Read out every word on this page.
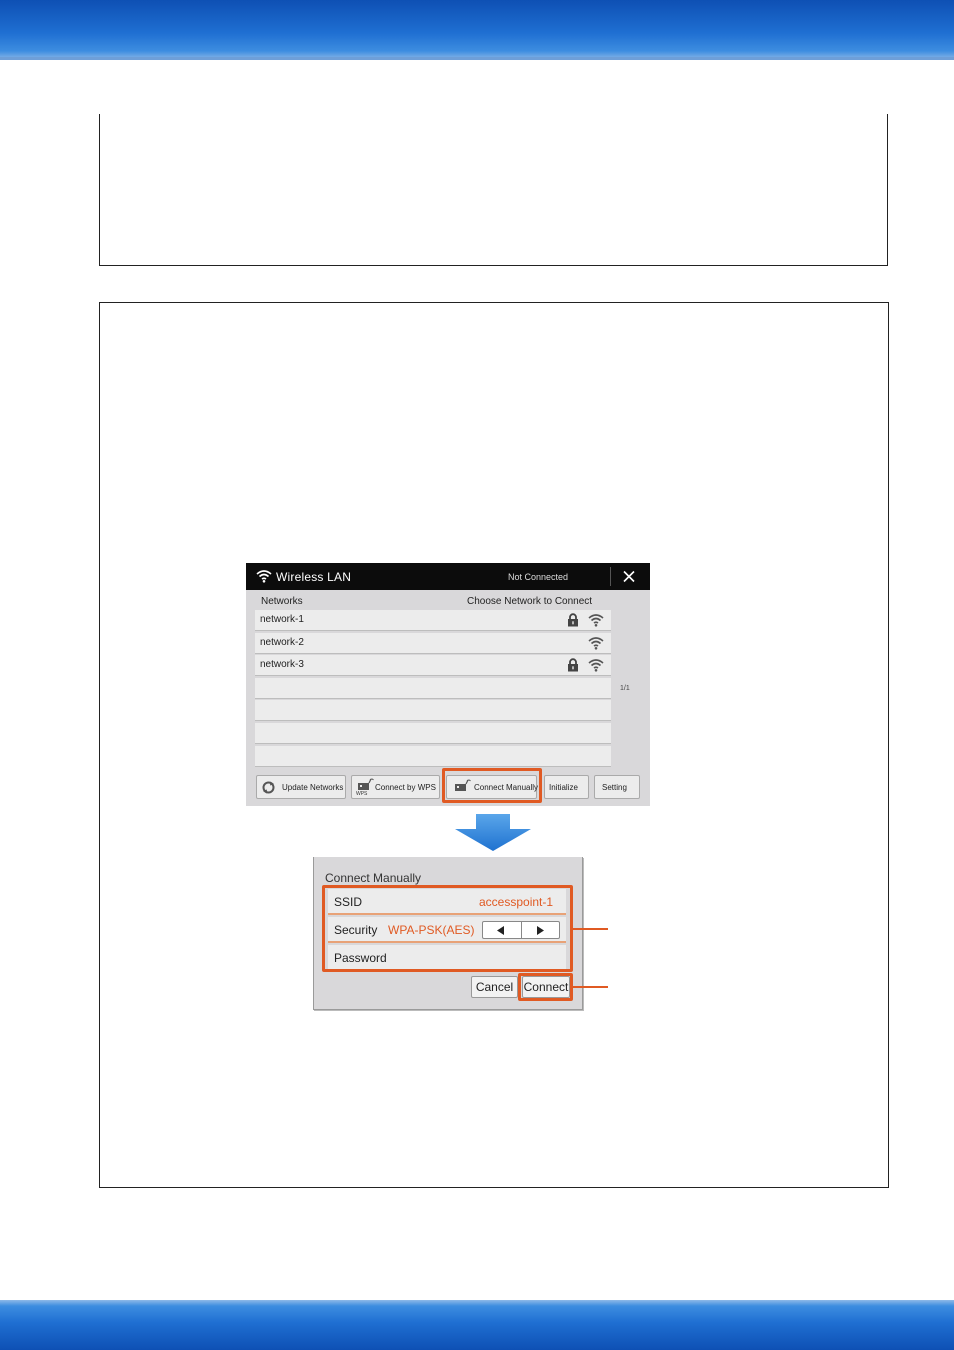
Wireless LAN	Not Connected
Networks	Choose Network to Connect
network-1
network-2
network-3
1/1
Update Networks
WPS
Connect by WPS	Connect Manually Initialize	Setting
Connect Manually
SSID	accesspoint-1
Security WPA-PSK(AES)
Password
Cancel Connect
